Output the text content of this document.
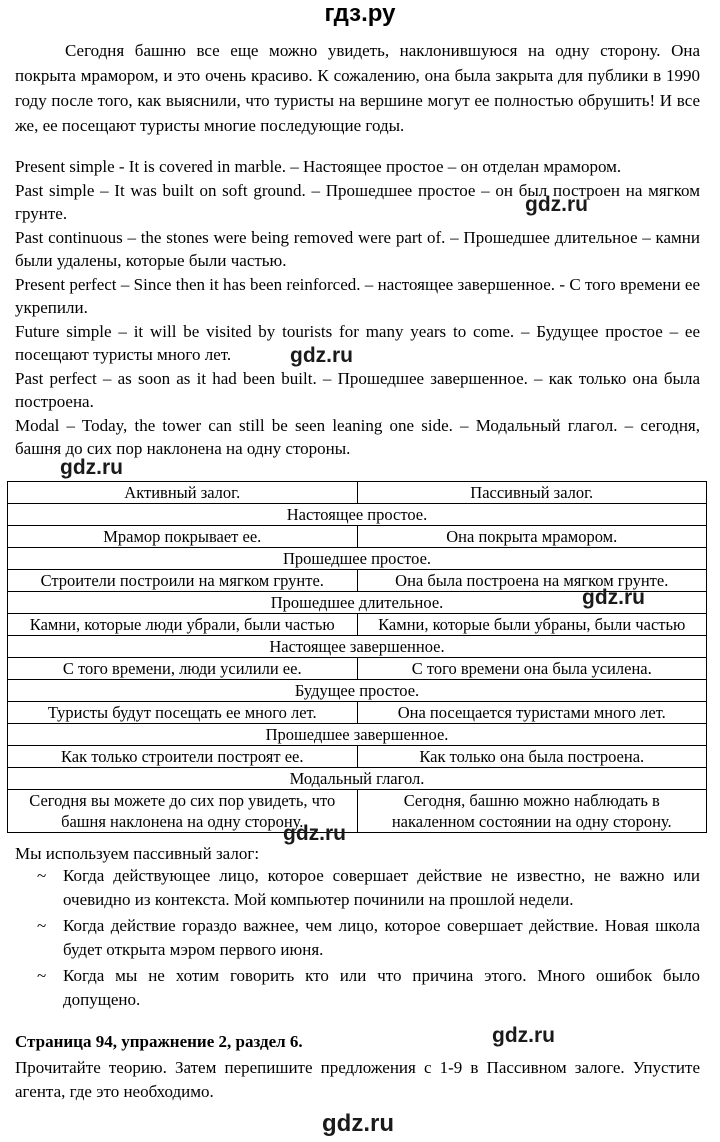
гдз.ру

Сегодня башню все еще можно увидеть, наклонившуюся на одну сторону. Она покрыта мрамором, и это очень красиво. К сожалению, она была закрыта для публики в 1990 году после того, как выяснили, что туристы на вершине могут ее полностью обрушить! И все же, ее посещают туристы многие последующие годы.

Present simple - It is covered in marble. – Настоящее простое – он отделан мрамором.
Past simple – It was built on soft ground. – Прошедшее простое – он был построен на мягком грунте.
Past continuous – the stones were being removed were part of. – Прошедшее длительное – камни были удалены, которые были частью.
Present perfect – Since then it has been reinforced. – настоящее завершенное. - С того времени ее укрепили.
Future simple – it will be visited by tourists for many years to come. – Будущее простое – ее посещают туристы много лет.
Past perfect – as soon as it had been built. – Прошедшее завершенное. – как только она была построена.
Modal – Today, the tower can still be seen leaning one side. – Модальный глагол. – сегодня, башня до сих пор наклонена на одну стороны.
Активный залог.	Пассивный залог.
Настоящее простое.	
Мрамор покрывает ее.	Она покрыта мрамором.
Прошедшее простое.	
Строители построили на мягком грунте.	Она была построена на мягком грунте.
Прошедшее длительное.	
Камни, которые люди убрали, были частью	Камни, которые были убраны, были частью
Настоящее завершенное.	
С того времени, люди усилили ее.	С того времени она была усилена.
Будущее простое.	
Туристы будут посещать ее много лет.	Она посещается туристами много лет.
Прошедшее завершенное.	
Как только строители построят ее.	Как только она была построена.
Модальный глагол.	
Сегодня вы можете до сих пор увидеть, что башня наклонена на одну сторону.	Сегодня, башню можно наблюдать в накаленном состоянии на одну сторону.
Мы используем пассивный залог:
~ Когда действующее лицо, которое совершает действие не известно, не важно или очевидно из контекста. Мой компьютер починили на прошлой недели.
~ Когда действие гораздо важнее, чем лицо, которое совершает действие. Новая школа будет открыта мэром первого июня.
~ Когда мы не хотим говорить кто или что причина этого. Много ошибок было допущено.
Страница 94, упражнение 2, раздел 6.
Прочитайте теорию. Затем перепишите предложения с 1-9 в Пассивном залоге. Упустите агента, где это необходимо.
gdz.ru
gdz.ru
gdz.ru
gdz.ru
gdz.ru
gdz.ru
gdz.ru
